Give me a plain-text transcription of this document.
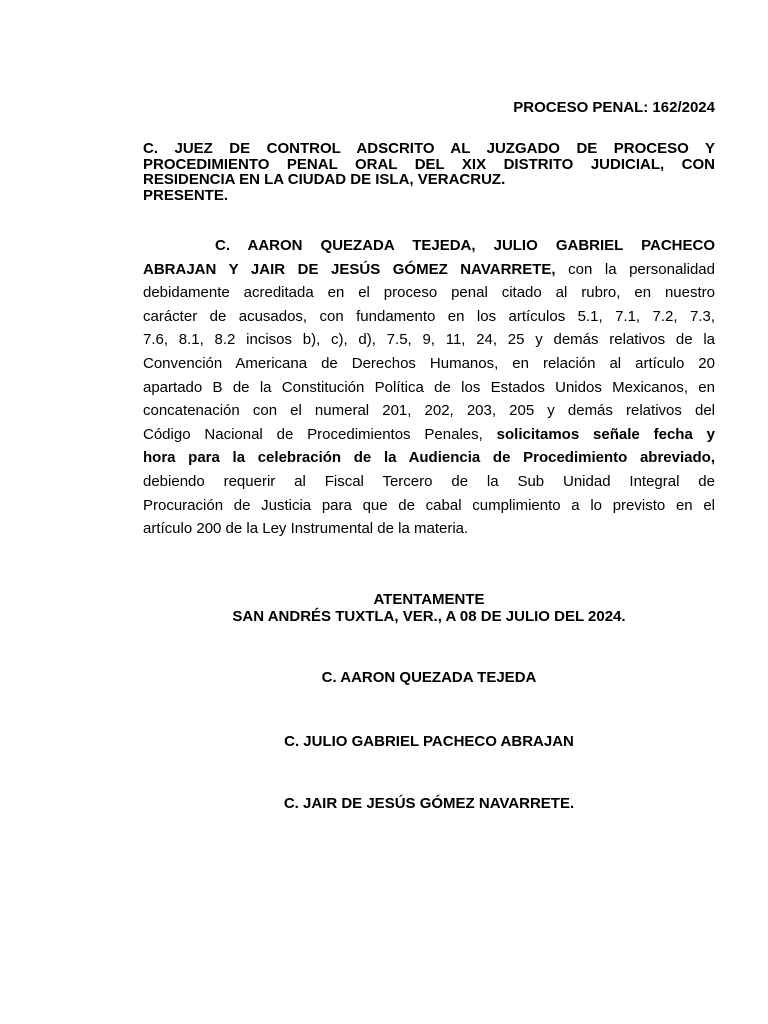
PROCESO PENAL: 162/2024
C. JUEZ DE CONTROL ADSCRITO AL JUZGADO DE PROCESO Y
PROCEDIMIENTO PENAL ORAL DEL XIX DISTRITO JUDICIAL, CON
RESIDENCIA EN LA CIUDAD DE ISLA, VERACRUZ.
PRESENTE.
C. AARON QUEZADA TEJEDA, JULIO GABRIEL PACHECO
ABRAJAN Y JAIR DE JESÚS GÓMEZ NAVARRETE, con la personalidad
debidamente acreditada en el proceso penal citado al rubro, en nuestro
carácter de acusados, con fundamento en los artículos 5.1, 7.1, 7.2, 7.3,
7.6, 8.1, 8.2 incisos b), c), d), 7.5, 9, 11, 24, 25 y demás relativos de la
Convención Americana de Derechos Humanos, en relación al artículo 20
apartado B de la Constitución Política de los Estados Unidos Mexicanos, en
concatenación con el numeral 201, 202, 203, 205 y demás relativos del
Código Nacional de Procedimientos Penales, solicitamos señale fecha y
hora para la celebración de la Audiencia de Procedimiento abreviado,
debiendo requerir al Fiscal Tercero de la Sub Unidad Integral de
Procuración de Justicia para que de cabal cumplimiento a lo previsto en el
artículo 200 de la Ley Instrumental de la materia.
ATENTAMENTE
SAN ANDRÉS TUXTLA, VER., A 08 DE JULIO DEL 2024.
C. AARON QUEZADA TEJEDA
C. JULIO GABRIEL PACHECO ABRAJAN
C. JAIR DE JESÚS GÓMEZ NAVARRETE.
